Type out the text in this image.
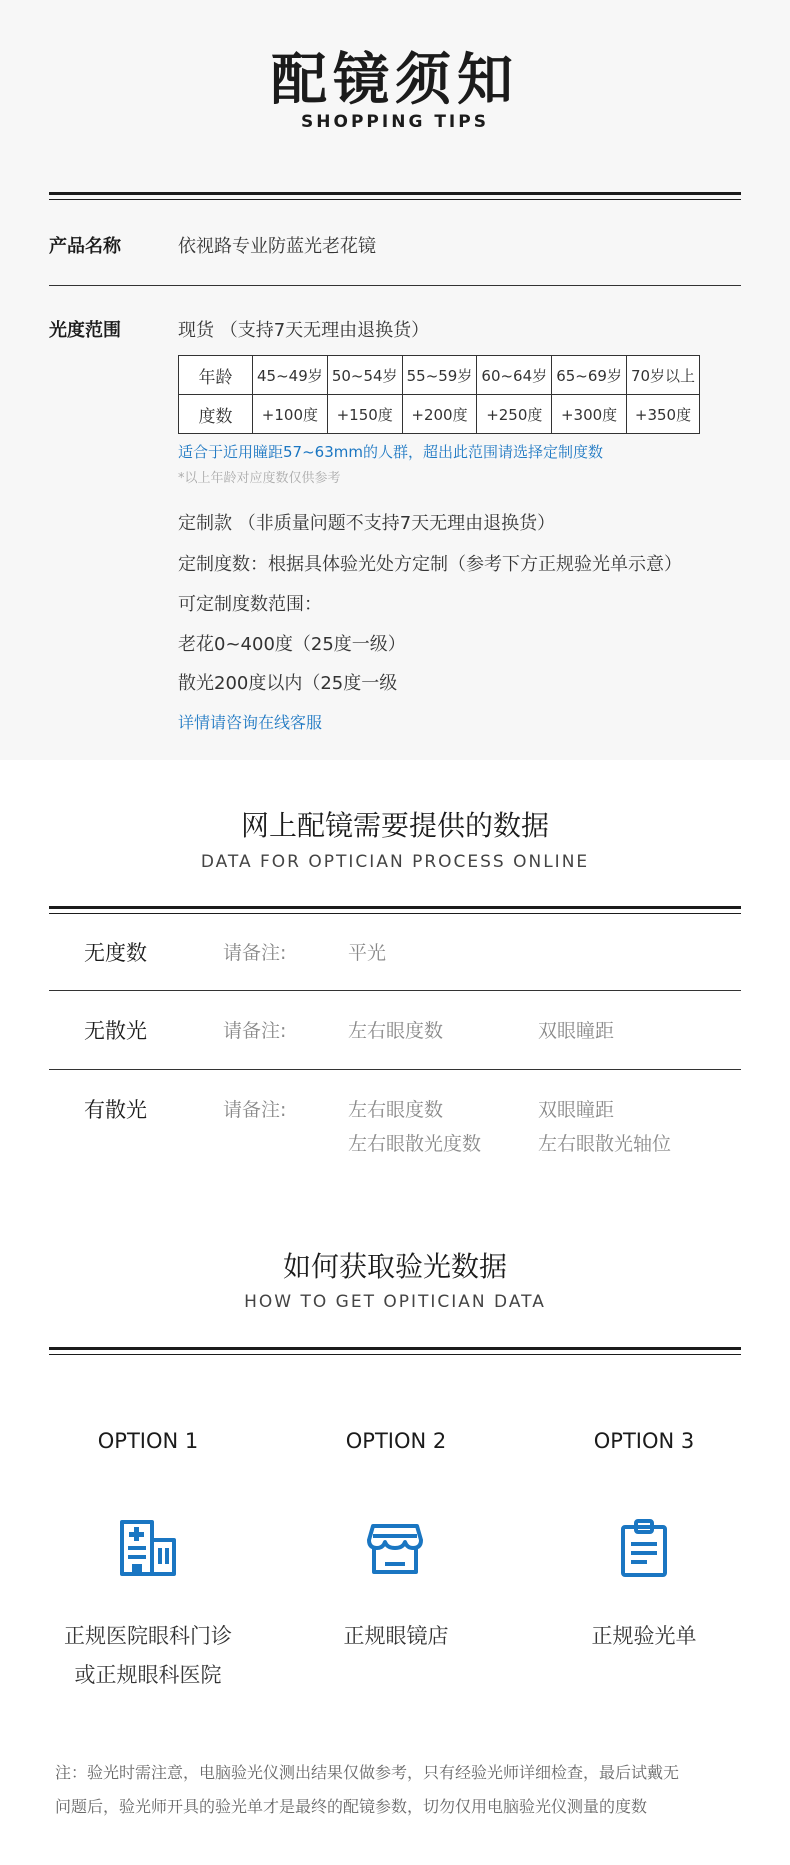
配镜须知
SHOPPING TIPS
产品名称	依视路专业防蓝光老花镜
光度范围	现货 （支持7天无理由退换货）
年龄	45~49岁	50~54岁	55~59岁	60~64岁	65~69岁	70岁以上
度数	+100度	+150度	+200度	+250度	+300度	+350度
适合于近用瞳距57~63mm的人群，超出此范围请选择定制度数
*以上年龄对应度数仅供参考
定制款 （非质量问题不支持7天无理由退换货）
定制度数：根据具体验光处方定制（参考下方正规验光单示意）
可定制度数范围：
老花0~400度（25度一级）
散光200度以内（25度一级
详情请咨询在线客服
网上配镜需要提供的数据
DATA FOR OPTICIAN PROCESS ONLINE
无度数	请备注:	平光
无散光	请备注:	左右眼度数	双眼瞳距
有散光	请备注:	左右眼度数	双眼瞳距
左右眼散光度数	左右眼散光轴位
如何获取验光数据
HOW TO GET OPITICIAN DATA
OPTION 1	OPTION 2	OPTION 3
正规医院眼科门诊
或正规眼科医院
正规眼镜店	正规验光单
注：验光时需注意，电脑验光仪测出结果仅做参考，只有经验光师详细检查，最后试戴无
问题后，验光师开具的验光单才是最终的配镜参数，切勿仅用电脑验光仪测量的度数
